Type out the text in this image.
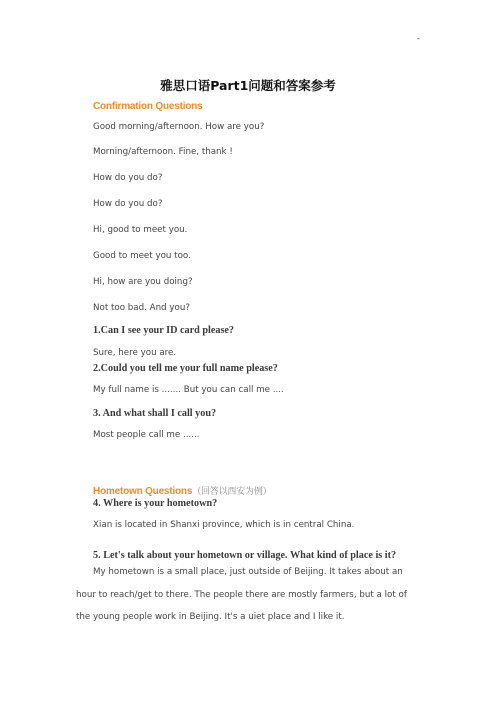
-
雅思口语Part1问题和答案参考
Confirmation Questions
Good morning/afternoon. How are you?
Morning/afternoon. Fine, thank !
How do you do?
How do you do?
Hi, good to meet you.
Good to meet you too.
Hi, how are you doing?
Not too bad. And you?
1.Can I see your ID card please?
Sure, here you are.
2.Could you tell me your full name please?
My full name is ....... But you can call me ....
3. And what shall I call you?
Most people call me ......
Hometown Questions（回答以西安为例）
4. Where is your hometown?
Xian is located in Shanxi province, which is in central China.
5. Let's talk about your hometown or village. What kind of place is it?
My hometown is a small place, just outside of Beijing. It takes about an hour to reach/get to there. The people there are mostly farmers, but a lot of the young people work in Beijing. It's a uiet place and I like it.
